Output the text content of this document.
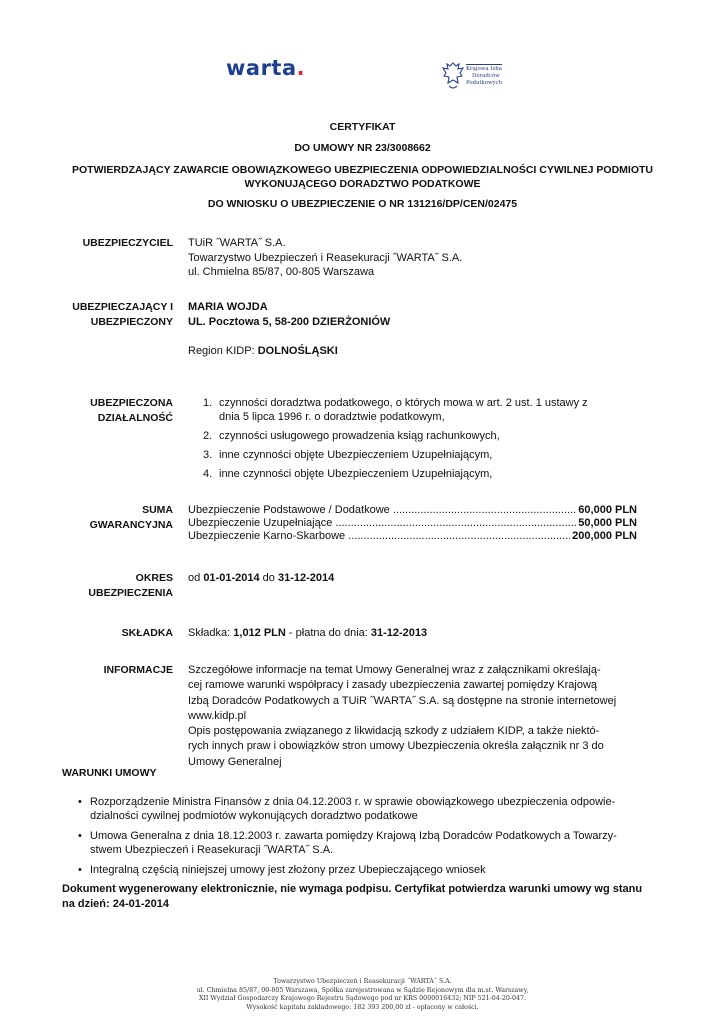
warta.	Krajowa Izba
Doradców
Podatkowych
CERTYFIKAT
DO UMOWY NR 23/3008662
POTWIERDZAJĄCY ZAWARCIE OBOWIĄZKOWEGO UBEZPIECZENIA ODPOWIEDZIALNOŚCI CYWILNEJ PODMIOTU
WYKONUJĄCEGO DORADZTWO PODATKOWE
DO WNIOSKU O UBEZPIECZENIE O NR 131216/DP/CEN/02475
UBEZPIECZYCIEL TUiR ˝WARTA˝ S.A.
Towarzystwo Ubezpieczeń i Reasekuracji ˝WARTA˝ S.A.
ul. Chmielna 85/87, 00-805 Warszawa
UBEZPIECZAJĄCY I
UBEZPIECZONY
MARIA WOJDA
UL. Pocztowa 5, 58-200 DZIERŻONIÓW
Region KIDP: DOLNOŚLĄSKI
UBEZPIECZONA
DZIAŁALNOŚĆ
1. czynności doradztwa podatkowego, o których mowa w art. 2 ust. 1 ustawy z
dnia 5 lipca 1996 r. o doradztwie podatkowym,
2. czynności usługowego prowadzenia ksiąg rachunkowych,
3. inne czynności objęte Ubezpieczeniem Uzupełniającym,
4. inne czynności objęte Ubezpieczeniem Uzupełniającym,
SUMA
GWARANCYJNA
Ubezpieczenie Podstawowe / Dodatkowe .....	60,000 PLN
Ubezpieczenie Uzupełniające .....	50,000 PLN
Ubezpieczenie Karno-Skarbowe .....	200,000 PLN
OKRES
UBEZPIECZENIA
od 01-01-2014 do 31-12-2014
SKŁADKA Składka: 1,012 PLN - płatna do dnia: 31-12-2013
INFORMACJE Szczegółowe informacje na temat Umowy Generalnej wraz z załącznikami określają-
cej ramowe warunki współpracy i zasady ubezpieczenia zawartej pomiędzy Krajową
Izbą Doradców Podatkowych a TUiR ˝WARTA˝ S.A. są dostępne na stronie internetowej
www.kidp.pl
Opis postępowania związanego z likwidacją szkody z udziałem KIDP, a także niektó-
rych innych praw i obowiązków stron umowy Ubezpieczenia określa załącznik nr 3 do
Umowy Generalnej
WARUNKI UMOWY
• Rozporządzenie Ministra Finansów z dnia 04.12.2003 r. w sprawie obowiązkowego ubezpieczenia odpowie-
dzialności cywilnej podmiotów wykonujących doradztwo podatkowe
• Umowa Generalna z dnia 18.12.2003 r. zawarta pomiędzy Krajową Izbą Doradców Podatkowych a Towarzy-
stwem Ubezpieczeń i Reasekuracji ˝WARTA˝ S.A.
• Integralną częścią niniejszej umowy jest złożony przez Ubepieczającego wniosek
Dokument wygenerowany elektronicznie, nie wymaga podpisu. Certyfikat potwierdza warunki umowy wg stanu
na dzień: 24-01-2014
Towarzystwo Ubezpieczeń i Reasekuracji ˝WARTA˝ S.A.
ul. Chmielna 85/87, 00-805 Warszawa, Spółka zarejestrowana w Sądzie Rejonowym dla m.st. Warszawy,
XII Wydział Gospodarczy Krajowego Rejestru Sądowego pod nr KRS 0000016432; NIP 521-04-20-047.
Wysokość kapitału zakładowego: 182 393 200,00 zł - opłacony w całości.
